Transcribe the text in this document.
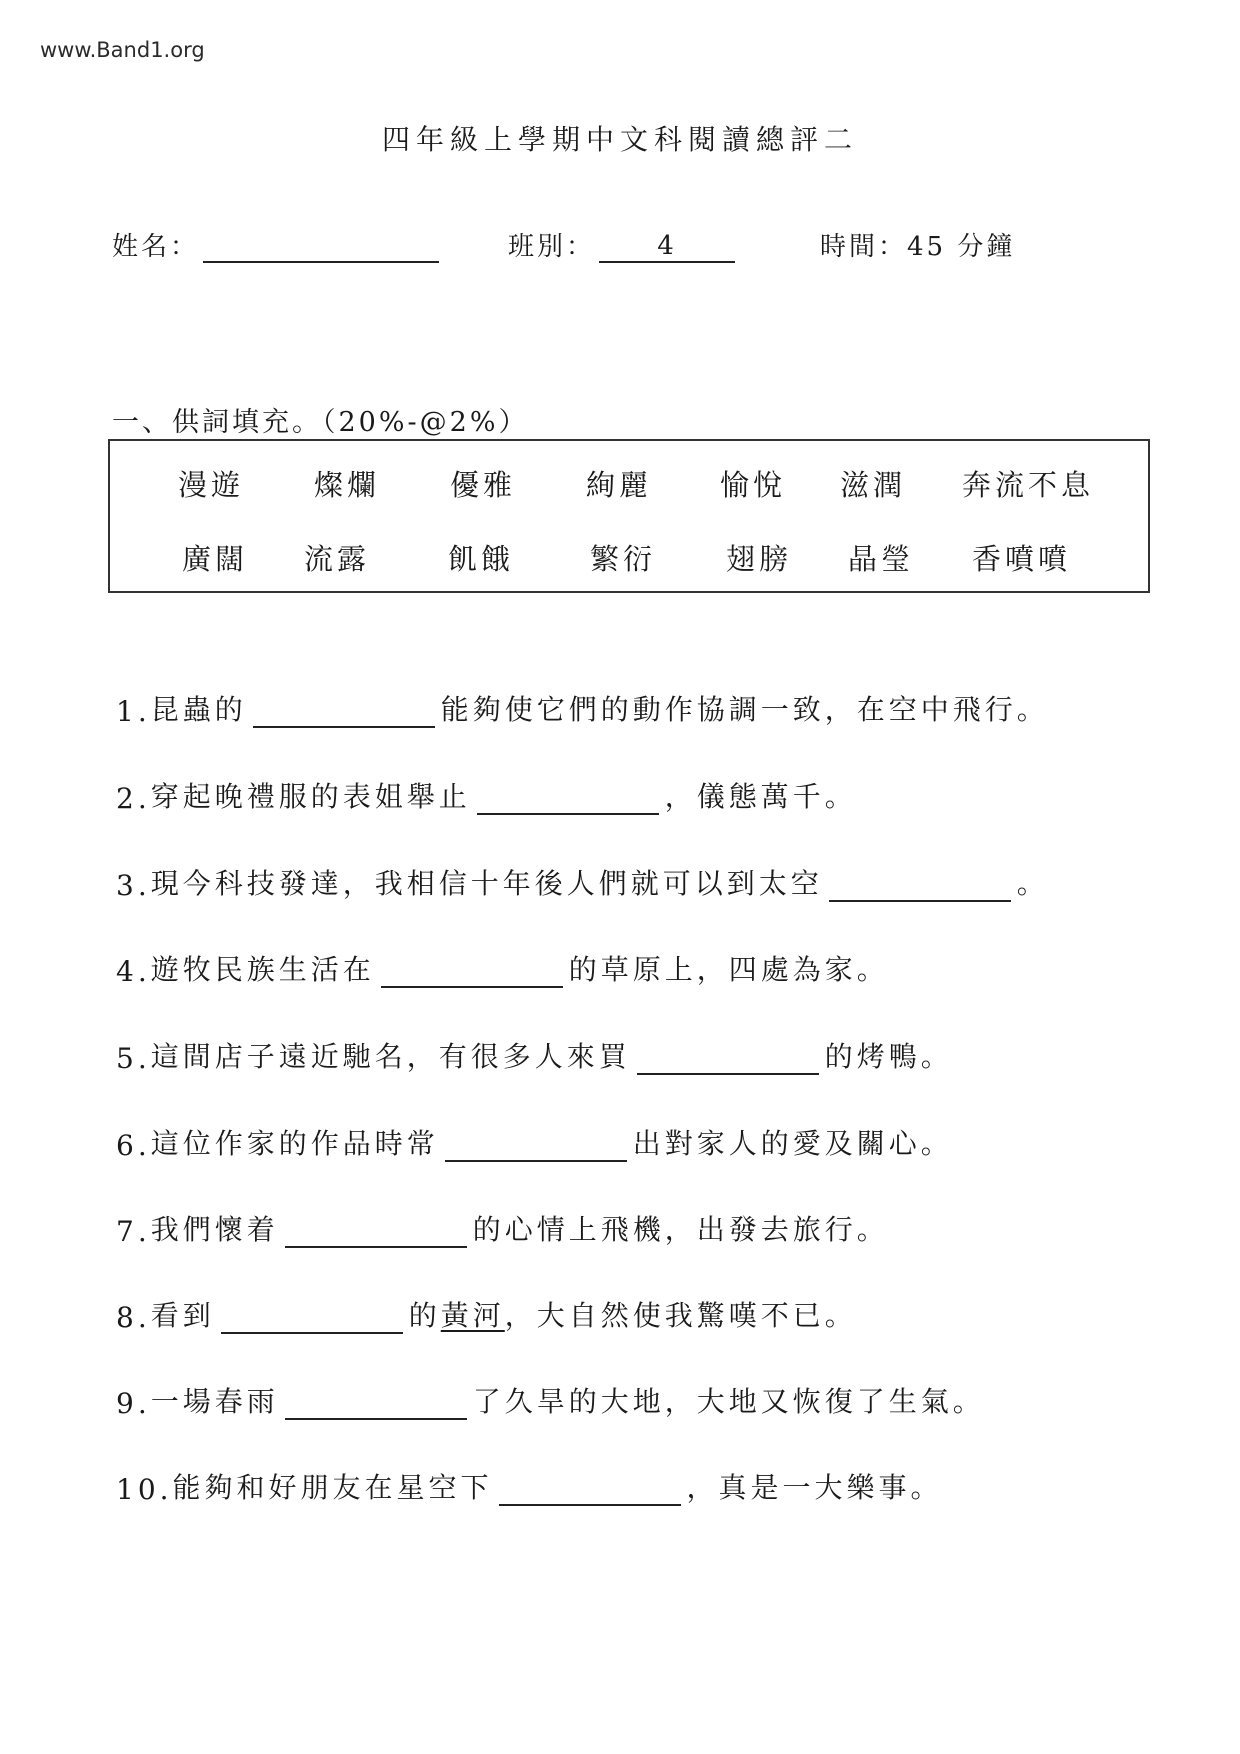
www.Band1.org
四年級上學期中文科閱讀總評二
姓名：	班別：	4	時間：45 分鐘
一、供詞填充。（20%-@2%）
漫遊 燦爛 優雅 絢麗 愉悅 滋潤 奔流不息
廣闊 流露	飢餓	繁衍 翅膀 晶瑩 香噴噴
1. 昆蟲的	能夠使它們的動作協調一致，在空中飛行。
2. 穿起晚禮服的表姐舉止	，儀態萬千。
3. 現今科技發達，我相信十年後人們就可以到太空	。
4. 遊牧民族生活在	的草原上，四處為家。
5. 這間店子遠近馳名，有很多人來買	的烤鴨。
6. 這位作家的作品時常	出對家人的愛及關心。
7. 我們懷着	的心情上飛機，出發去旅行。
8. 看到	的 黃河 ，大自然使我驚嘆不已。
9. 一場春雨	了久旱的大地，大地又恢復了生氣。
10. 能夠和好朋友在星空下	，真是一大樂事。
